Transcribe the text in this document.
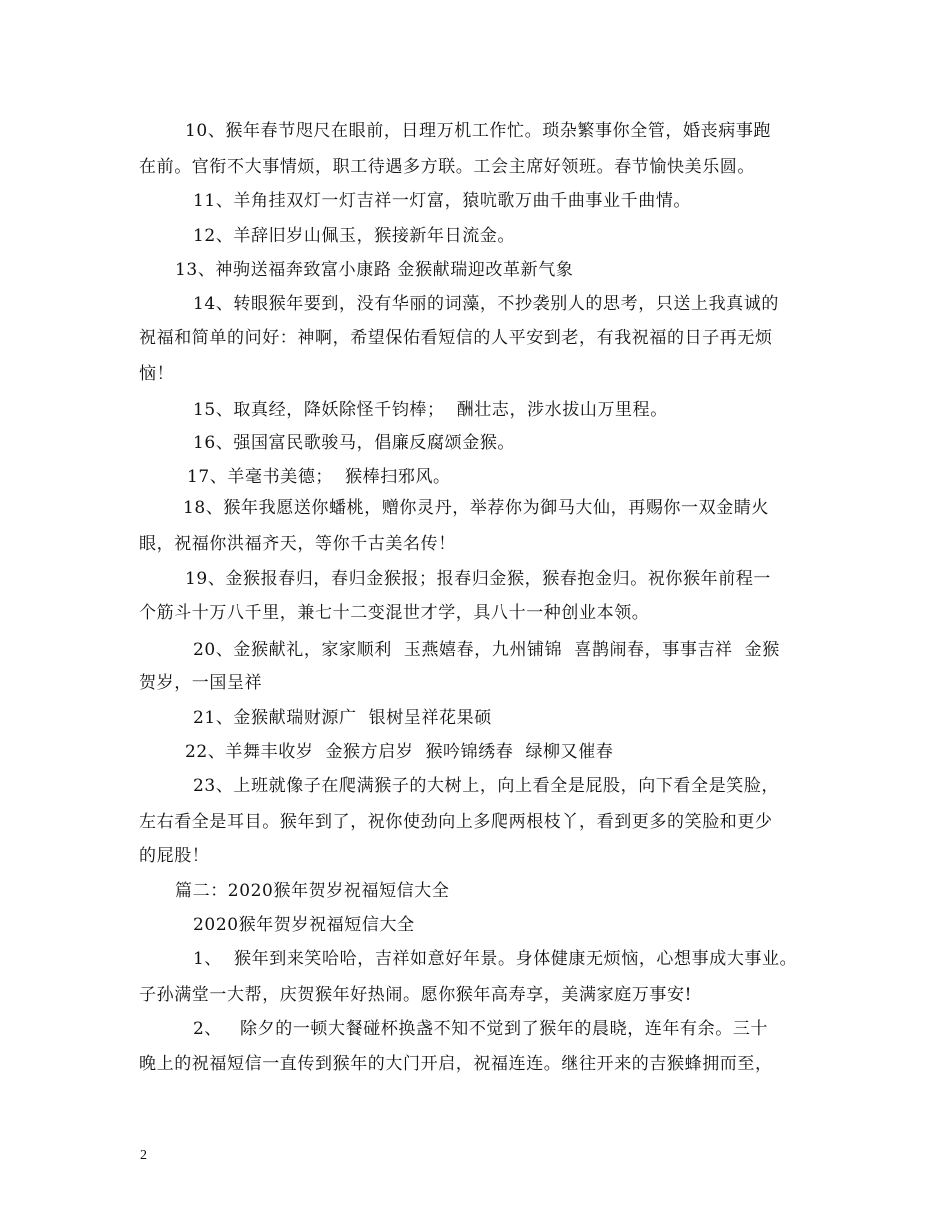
10、猴年春节咫尺在眼前，日理万机工作忙。琐杂繁事你全管，婚丧病事跑
在前。官衔不大事情烦，职工待遇多方联。工会主席好领班。春节愉快美乐圆。
11、羊角挂双灯一灯吉祥一灯富，猿吭歌万曲千曲事业千曲情。
12、羊辞旧岁山佩玉，猴接新年日流金。
13、神驹送福奔致富小康路 金猴献瑞迎改革新气象
14、转眼猴年要到，没有华丽的词藻，不抄袭别人的思考，只送上我真诚的
祝福和简单的问好：神啊，希望保佑看短信的人平安到老，有我祝福的日子再无烦
恼！
15、取真经，降妖除怪千钧棒；  酬壮志，涉水拔山万里程。
16、强国富民歌骏马，倡廉反腐颂金猴。
17、羊毫书美德；  猴棒扫邪风。
18、猴年我愿送你蟠桃，赠你灵丹，举荐你为御马大仙，再赐你一双金睛火
眼，祝福你洪福齐天，等你千古美名传！
19、金猴报春归，春归金猴报；报春归金猴，猴春抱金归。祝你猴年前程一
个筋斗十万八千里，兼七十二变混世才学，具八十一种创业本领。
20、金猴献礼，家家顺利  玉燕嬉春，九州铺锦  喜鹊闹春，事事吉祥  金猴
贺岁，一国呈祥
21、金猴献瑞财源广  银树呈祥花果硕
22、羊舞丰收岁  金猴方启岁  猴吟锦绣春  绿柳又催春
23、上班就像子在爬满猴子的大树上，向上看全是屁股，向下看全是笑脸，
左右看全是耳目。猴年到了，祝你使劲向上多爬两根枝丫，看到更多的笑脸和更少
的屁股！
篇二：2020猴年贺岁祝福短信大全
2020猴年贺岁祝福短信大全
1、  猴年到来笑哈哈，吉祥如意好年景。身体健康无烦恼，心想事成大事业。
子孙满堂一大帮，庆贺猴年好热闹。愿你猴年高寿享，美满家庭万事安!
2、   除夕的一顿大餐碰杯换盏不知不觉到了猴年的晨晓，连年有余。三十
晚上的祝福短信一直传到猴年的大门开启，祝福连连。继往开来的吉猴蜂拥而至，
2
